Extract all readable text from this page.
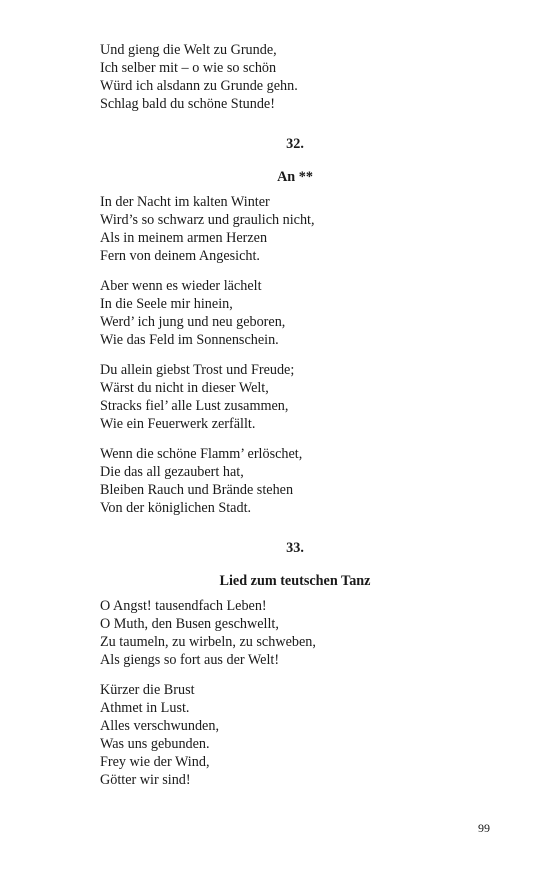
Und gieng die Welt zu Grunde,
Ich selber mit – o wie so schön
Würd ich alsdann zu Grunde gehn.
Schlag bald du schöne Stunde!
32.
An **
In der Nacht im kalten Winter
Wird’s so schwarz und graulich nicht,
Als in meinem armen Herzen
Fern von deinem Angesicht.
Aber wenn es wieder lächelt
In die Seele mir hinein,
Werd’ ich jung und neu geboren,
Wie das Feld im Sonnenschein.
Du allein giebst Trost und Freude;
Wärst du nicht in dieser Welt,
Stracks fiel’ alle Lust zusammen,
Wie ein Feuerwerk zerfällt.
Wenn die schöne Flamm’ erlöschet,
Die das all gezaubert hat,
Bleiben Rauch und Brände stehen
Von der königlichen Stadt.
33.
Lied zum teutschen Tanz
O Angst! tausendfach Leben!
O Muth, den Busen geschwellt,
Zu taumeln, zu wirbeln, zu schweben,
Als giengs so fort aus der Welt!
Kürzer die Brust
Athmet in Lust.
Alles verschwunden,
Was uns gebunden.
Frey wie der Wind,
Götter wir sind!
99
